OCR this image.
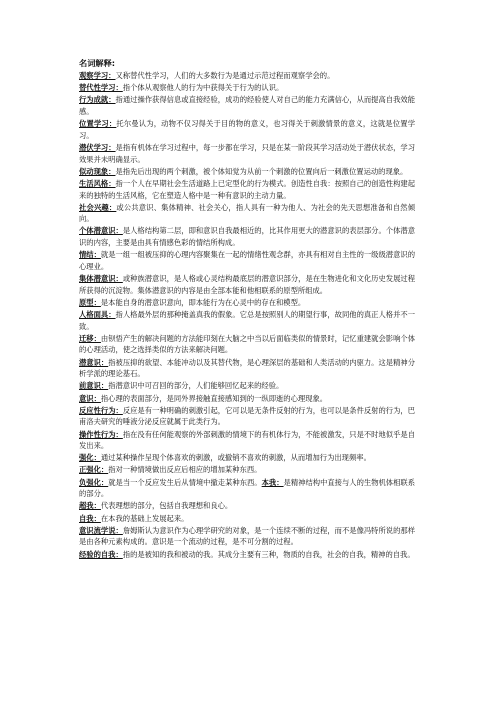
名词解释:
观察学习：又称替代性学习，人们的大多数行为是通过示范过程而观察学会的。
替代性学习：指个体从观察他人的行为中获得关于行为的认识。
行为成就：指通过操作获得信息或直接经验，成功的经验使人对自己的能力充满信心，从而提高自我效能感。
位置学习：托尔曼认为，动物不仅习得关于目的物的意义，也习得关于刺激情景的意义，这就是位置学习。
潜伏学习：是指有机体在学习过程中，每一步都在学习，只是在某一阶段其学习活动处于潜伏状态，学习效果并未明确显示。
似动现象：是指先后出现的两个刺激，被个体知觉为从前一个刺激的位置向后一刺激位置运动的现象。
生活风格：指一个人在早期社会生活道路上已定型化的行为模式。创造性自我：按照自己的创造性构建起来的独特的生活风格，它在塑造人格中是一种有意识的主动力量。
社会兴趣：或公共意识、集体精神、社会关心，指人具有一种为他人、为社会的先天思想准备和自然倾向。
个体潜意识：是人格结构第二层，即和意识自我最相近的，比其作用更大的潜意识的表层部分。个体潜意识的内容，主要是由具有情感色彩的情结所构成。
情结：就是一组一组被压抑的心理内容聚集在一起的情绪性观念群，亦具有相对自主性的一级级潜意识的心理业。
集体潜意识：或种族潜意识，是人格或心灵结构最底层的潜意识部分，是在生物进化和文化历史发展过程所获得的沉淀物。集体潜意识的内容是由全部本能和他相联系的原型所组成。
原型：是本能自身的潜意识意向，即本能行为在心灵中的存在和模型。
人格面具：指人格最外层的那种掩盖真我的假象。它总是按照别人的期望行事，故同他的真正人格并不一致。
迁移：由钡悟产生的解决问题的方法能印刻在大脑之中当以后面临类似的情景时，记忆重建就会影响个体的心理活动，使之选择类似的方法来解决问题。
潜意识：指被压抑的欲望、本能冲动以及其替代物，是心理深层的基础和人类活动的内驱力。这是精神分析学派的理论基石。
前意识：指潜意识中可召回的部分，人们能够回忆起来的经验。
意识：指心理的表面部分，是同外界接触直接感知到的一纵即逝的心理现象。
反应性行为：反应是有一种明确的刺激引起，它可以是无条件反射的行为，也可以是条件反射的行为，巴甫洛夫研究的唾液分泌反应就属于此类行为。
操作性行为：指在没有任何能观察的外部刺激的情境下的有机体行为，不能被激发，只是不时地似乎是自发出来。
强化：通过某种操作呈现个体喜欢的刺激，或撤销不喜欢的刺激，从而增加行为出现频率。
正强化：指对一种情境做出反应后相应的增加某种东西。
负强化：就是当一个反应发生后从情境中撤走某种东西。本我：是精神结构中直接与人的生物机体相联系的部分。
超我：代表理想的部分，包括自我理想和良心。
自我：在本我的基础上发展起来。
意识流学说：詹姆斯认为意识作为心理学研究的对象，是一个连续不断的过程，而不是像冯特所说的那样是由各种元素构成的。意识是一个流动的过程，是不可分割的过程。
经验的自我：指的是被知的我和被动的我。其成分主要有三种，物质的自我，社会的自我，精神的自我。
